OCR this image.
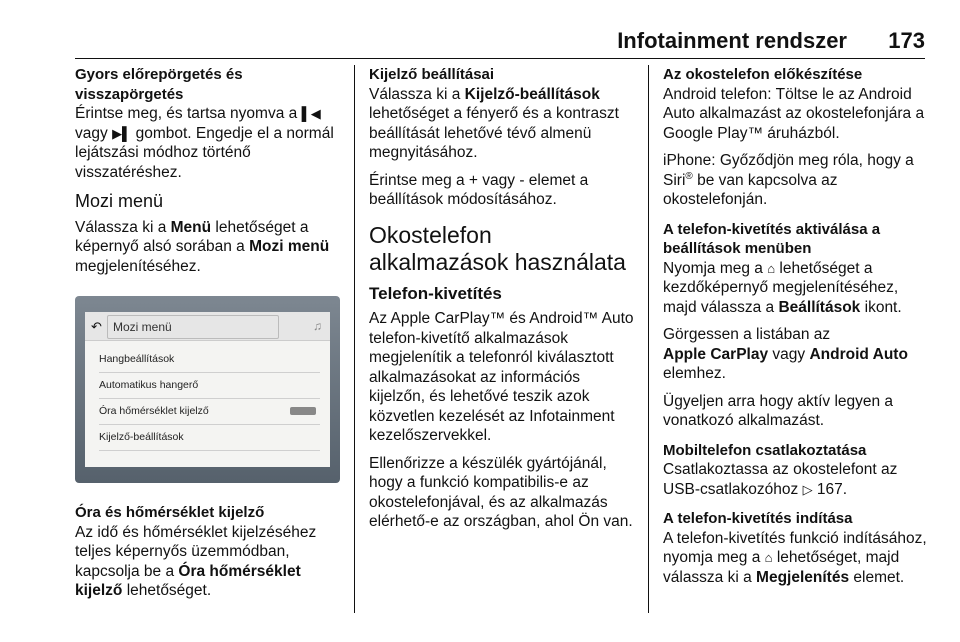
Infotainment rendszer 173
Gyors előrepörgetés és visszapörgetés

Érintse meg, és tartsa nyomva a ▌◀ vagy ▶▌ gombot. Engedje el a normál lejátszási módhoz történő visszatéréshez.

Mozi menü

Válassza ki a Menü lehetőséget a képernyő alsó sorában a Mozi menü megjelenítéséhez.

↶ Mozi menü	♫
Hangbeállítások
Automatikus hangerő
Óra hőmérséklet kijelző
Kijelző-beállítások
Óra és hőmérséklet kijelző

Az idő és hőmérséklet kijelzéséhez teljes képernyős üzemmódban, kapcsolja be a Óra hőmérséklet kijelző lehetőséget.

Kijelző beállításai

Válassza ki a Kijelző-beállítások lehetőséget a fényerő és a kontraszt beállítását lehetővé tévő almenü megnyitásához.

Érintse meg a + vagy - elemet a beállítások módosításához.

Okostelefon alkalmazások használata
Telefon-kivetítés

Az Apple CarPlay™ és Android™ Auto telefon-kivetítő alkalmazások megjelenítik a telefonról kiválasztott alkalmazásokat az információs kijelzőn, és lehetővé teszik azok közvetlen kezelését az Infotainment kezelőszervekkel.

Ellenőrizze a készülék gyártójánál, hogy a funkció kompatibilis-e az okostelefonjával, és az alkalmazás elérhető-e az országban, ahol Ön van.

Az okostelefon előkészítése

Android telefon: Töltse le az Android Auto alkalmazást az okostelefonjára a Google Play™ áruházból.

iPhone: Győződjön meg róla, hogy a Siri® be van kapcsolva az okostelefonján.

A telefon-kivetítés aktiválása a beállítások menüben

Nyomja meg a ⌂ lehetőséget a kezdőképernyő megjelenítéséhez, majd válassza a Beállítások ikont.

Görgessen a listában az
Apple CarPlay vagy Android Auto elemhez.

Ügyeljen arra hogy aktív legyen a vonatkozó alkalmazást.

Mobiltelefon csatlakoztatása

Csatlakoztassa az okostelefont az USB-csatlakozóhoz ▷ 167.

A telefon-kivetítés indítása

A telefon-kivetítés funkció indításához, nyomja meg a ⌂ lehetőséget, majd válassza ki a Megjelenítés elemet.
